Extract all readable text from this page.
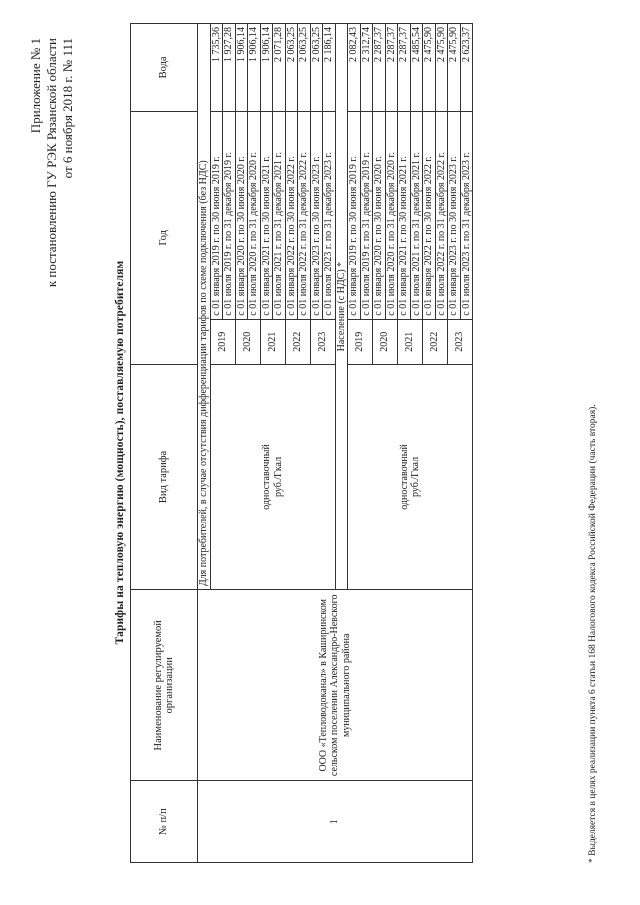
Приложение № 1 к постановлению ГУ РЭК Рязанской области от 6 ноября 2018 г. № 111
Тарифы на тепловую энергию (мощность), поставляемую потребителям
№ п/п	Наименование регулируемой организации	Вид тарифа	Год		Вода
1	ООО «Тепловодоканал» в Каширинском сельском поселении Александро-Невского муниципального района	Для потребителей, в случае отсутствия дифференциации тарифов по схеме подключения (без НДС)			

		одноставочный руб./Гкал	2019	с 01 января 2019 г. по 30 июня 2019 г.	1 735,36
				с 01 июля 2019 г. по 31 декабря 2019 г.	1 927,28
			2020	с 01 января 2020 г. по 30 июня 2020 г.	1 906,14
				с 01 июля 2020 г. по 31 декабря 2020 г.	1 906,14
			2021	с 01 января 2021 г. по 30 июня 2021 г.	1 906,14
				с 01 июля 2021 г. по 31 декабря 2021 г.	2 071,28
			2022	с 01 января 2022 г. по 30 июня 2022 г.	2 063,25
				с 01 июля 2022 г. по 31 декабря 2022 г.	2 063,25
			2023	с 01 января 2023 г. по 30 июня 2023 г.	2 063,25
				с 01 июля 2023 г. по 31 декабря 2023 г.	2 186,14
		Население (с НДС) *			

		одноставочный руб./Гкал	2019	с 01 января 2019 г. по 30 июня 2019 г.	2 082,43
				с 01 июля 2019 г. по 31 декабря 2019 г.	2 312,74
			2020	с 01 января 2020 г. по 30 июня 2020 г.	2 287,37
				с 01 июля 2020 г. по 31 декабря 2020 г.	2 287,37
			2021	с 01 января 2021 г. по 30 июня 2021 г.	2 287,37
				с 01 июля 2021 г. по 31 декабря 2021 г.	2 485,54
			2022	с 01 января 2022 г. по 30 июня 2022 г.	2 475,90
				с 01 июля 2022 г. по 31 декабря 2022 г.	2 475,90
			2023	с 01 января 2023 г. по 30 июня 2023 г.	2 475,90
				с 01 июля 2023 г. по 31 декабря 2023 г.	2 623,37
* Выделяется в целях реализации пункта 6 статьи 168 Налогового кодекса Российской Федерации (часть вторая).
